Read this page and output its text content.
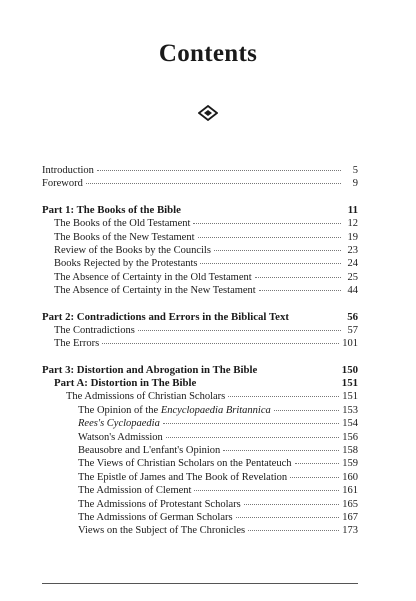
Contents
Introduction	5
Foreword	9
Part 1: The Books of the Bible	11
The Books of the Old Testament	12
The Books of the New Testament	19
Review of the Books by the Councils	23
Books Rejected by the Protestants	24
The Absence of Certainty in the Old Testament	25
The Absence of Certainty in the New Testament	44
Part 2: Contradictions and Errors in the Biblical Text	56
The Contradictions	57
The Errors	101
Part 3: Distortion and Abrogation in The Bible	150
Part A: Distortion in The Bible	151
The Admissions of Christian Scholars	151
The Opinion of the Encyclopaedia Britannica	153
Rees's Cyclopaedia	154
Watson's Admission	156
Beausobre and L'enfant's Opinion	158
The Views of Christian Scholars on the Pentateuch	159
The Epistle of James and The Book of Revelation	160
The Admission of Clement	161
The Admissions of Protestant Scholars	165
The Admissions of German Scholars	167
Views on the Subject of The Chronicles	173
